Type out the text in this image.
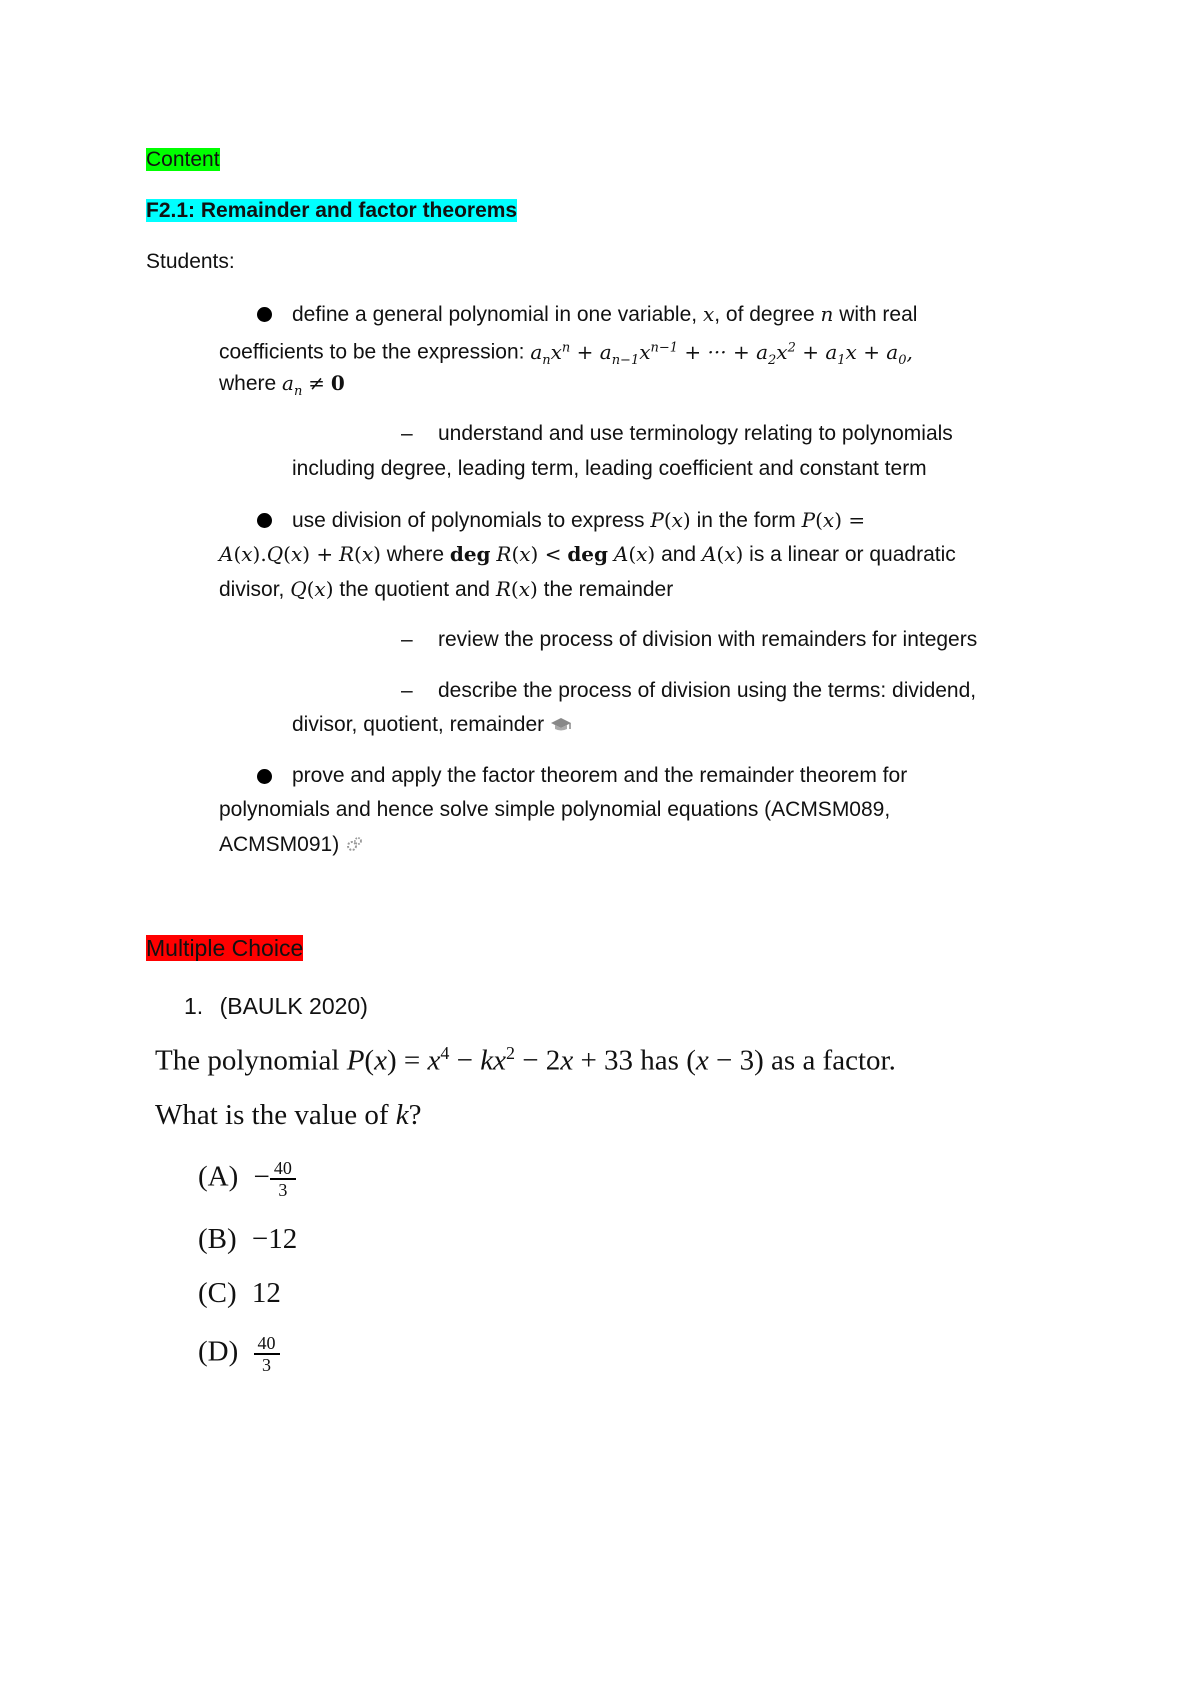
Content
F2.1: Remainder and factor theorems
Students:
define a general polynomial in one variable, x, of degree n with real
coefficients to be the expression: $a_nx^n + a_{n-1}x^{n-1}$ + ··· + $a_2x^2 + a_1x + a_0$,
where $a_n \ne 0$
– understand and use terminology relating to polynomials
including degree, leading term, leading coefficient and constant term
use division of polynomials to express P(x) in the form P(x) =
A(x).Q(x) + R(x) where deg R(x) < deg A(x) and A(x) is a linear or quadratic
divisor, Q(x) the quotient and R(x) the remainder
– review the process of division with remainders for integers
– describe the process of division using the terms: dividend,
divisor, quotient, remainder
prove and apply the factor theorem and the remainder theorem for
polynomials and hence solve simple polynomial equations (ACMSM089,
ACMSM091)
Multiple Choice
1. (BAULK 2020)
The polynomial $P(x) = x^4 - kx^2 - 2x + 33$ has (x − 3) as a factor.
What is the value of k?
$(A) - \frac{40}{3}$
(B) −12
(C) 12
$(D) \frac{40}{3}$
